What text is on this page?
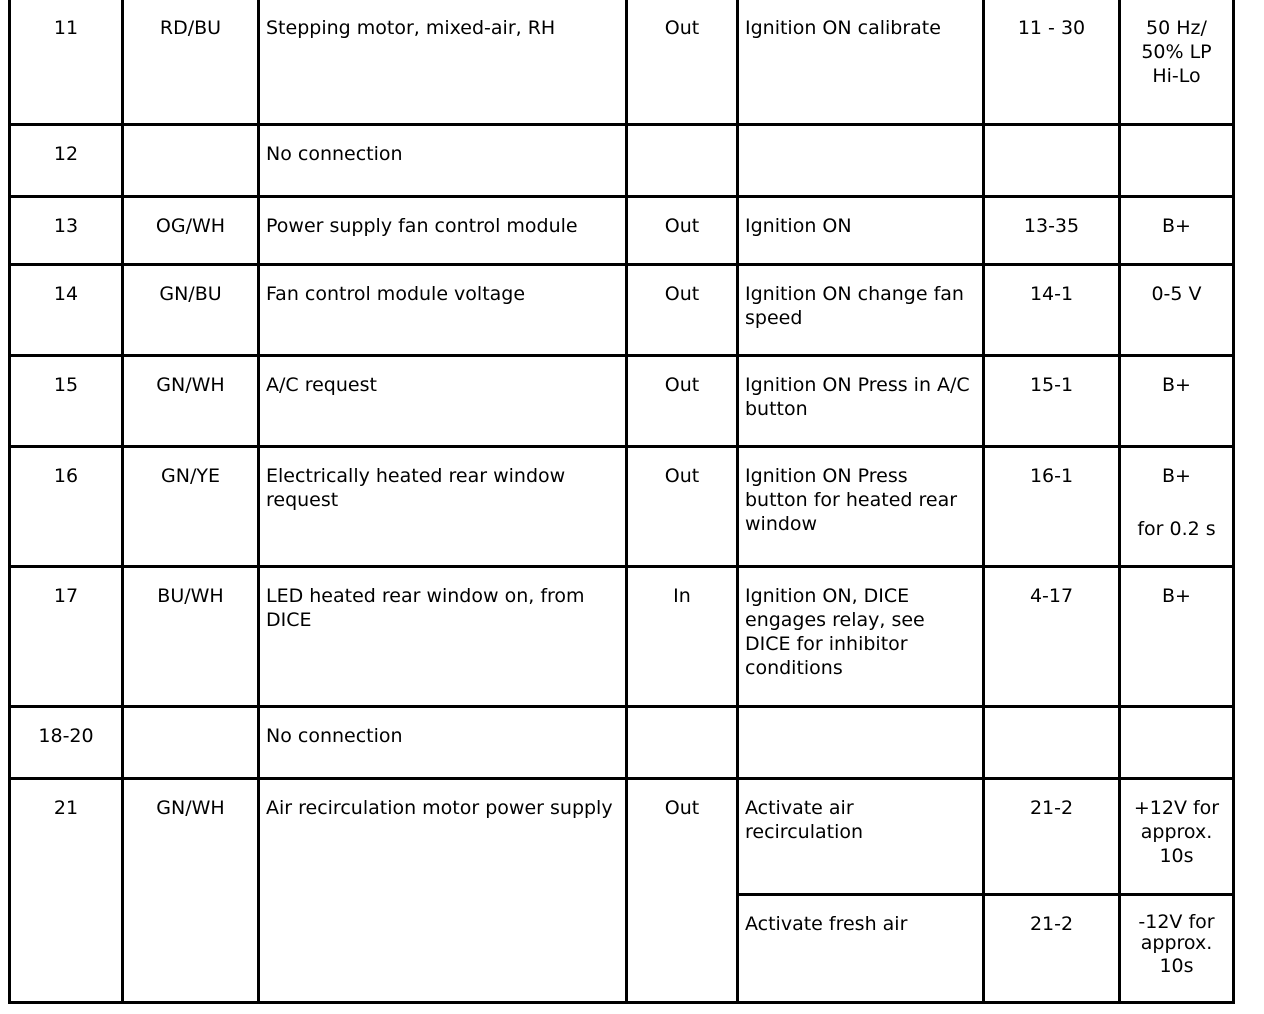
11	RD/BU	Stepping motor, mixed-air, RH	Out	Ignition ON calibrate	11 - 30	50 Hz/
50% LP
Hi-Lo

12		No connection				
13	OG/WH	Power supply fan control module	Out	Ignition ON	13-35	B+

14	GN/BU	Fan control module voltage	Out	Ignition ON change fan speed	14-1	0-5 V

15	GN/WH	A/C request	Out	Ignition ON Press in A/C button	15-1	B+

16	GN/YE	Electrically heated rear window request	Out	Ignition ON Press button for heated rear window	16-1	B+
for 0.2 s

17	BU/WH	LED heated rear window on, from DICE	In	Ignition ON, DICE engages relay, see DICE for inhibitor conditions	4-17	B+

18-20		No connection				
21	GN/WH	Air recirculation motor power supply	Out	Activate air recirculation	21-2	+12V for
approx.
10s

				Activate fresh air	21-2	-12V for
approx.
10s
